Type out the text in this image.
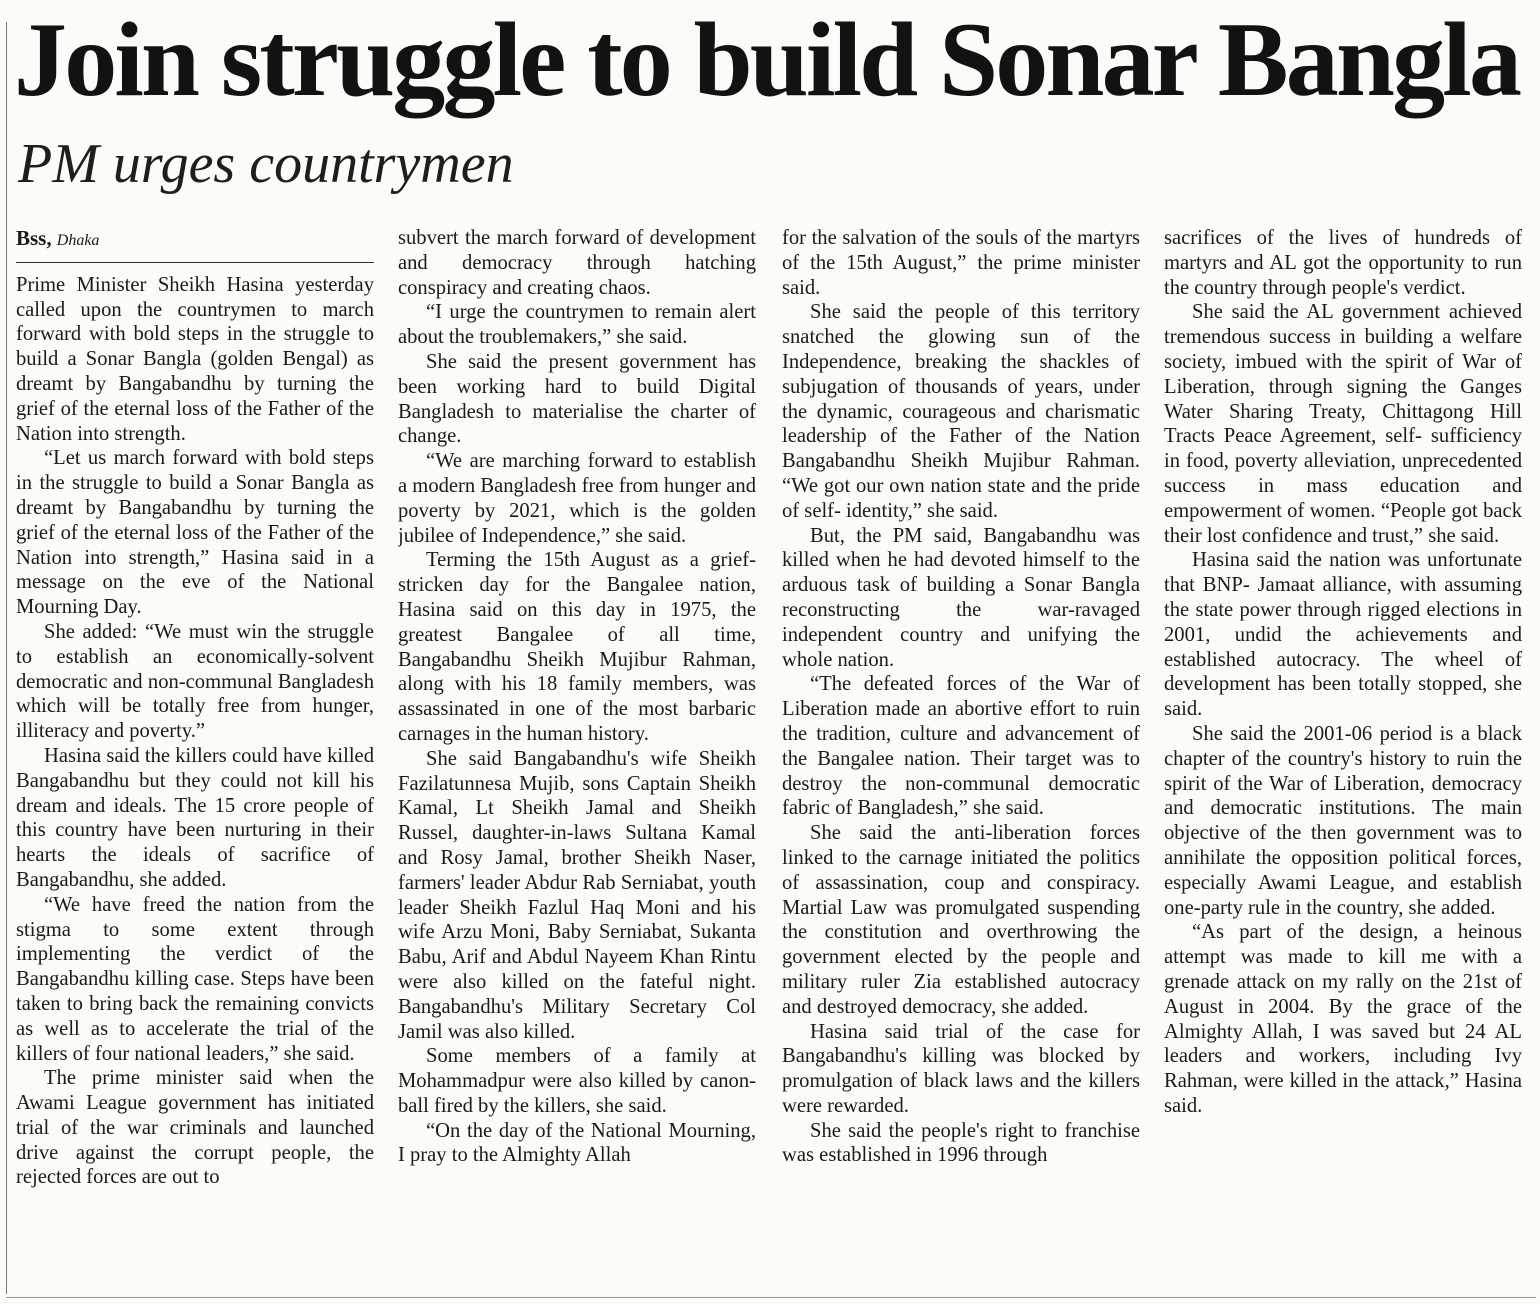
Join struggle to build Sonar Bangla
PM urges countrymen
Bss, Dhaka

Prime Minister Sheikh Hasina yesterday called upon the countrymen to march forward with bold steps in the struggle to build a Sonar Bangla (golden Bengal) as dreamt by Bangabandhu by turning the grief of the eternal loss of the Father of the Nation into strength.

“Let us march forward with bold steps in the struggle to build a Sonar Bangla as dreamt by Bangabandhu by turning the grief of the eternal loss of the Father of the Nation into strength,” Hasina said in a message on the eve of the National Mourning Day.

She added: “We must win the struggle to establish an economically-solvent democratic and non-communal Bangladesh which will be totally free from hunger, illiteracy and poverty.”

Hasina said the killers could have killed Bangabandhu but they could not kill his dream and ideals. The 15 crore people of this country have been nurturing in their hearts the ideals of sacrifice of Bangabandhu, she added.

“We have freed the nation from the stigma to some extent through implementing the verdict of the Bangabandhu killing case. Steps have been taken to bring back the remaining convicts as well as to accelerate the trial of the killers of four national leaders,” she said.

The prime minister said when the Awami League government has initiated trial of the war criminals and launched drive against the corrupt people, the rejected forces are out to

subvert the march forward of development and democracy through hatching conspiracy and creating chaos.

“I urge the countrymen to remain alert about the troublemakers,” she said.

She said the present government has been working hard to build Digital Bangladesh to materialise the charter of change.

“We are marching forward to establish a modern Bangladesh free from hunger and poverty by 2021, which is the golden jubilee of Independence,” she said.

Terming the 15th August as a grief-stricken day for the Bangalee nation, Hasina said on this day in 1975, the greatest Bangalee of all time, Bangabandhu Sheikh Mujibur Rahman, along with his 18 family members, was assassinated in one of the most barbaric carnages in the human history.

She said Bangabandhu's wife Sheikh Fazilatunnesa Mujib, sons Captain Sheikh Kamal, Lt Sheikh Jamal and Sheikh Russel, daughter-in-laws Sultana Kamal and Rosy Jamal, brother Sheikh Naser, farmers' leader Abdur Rab Serniabat, youth leader Sheikh Fazlul Haq Moni and his wife Arzu Moni, Baby Serniabat, Sukanta Babu, Arif and Abdul Nayeem Khan Rintu were also killed on the fateful night. Bangabandhu's Military Secretary Col Jamil was also killed.

Some members of a family at Mohammadpur were also killed by canon-ball fired by the killers, she said.

“On the day of the National Mourning, I pray to the Almighty Allah

for the salvation of the souls of the martyrs of the 15th August,” the prime minister said.

She said the people of this territory snatched the glowing sun of the Independence, breaking the shackles of subjugation of thousands of years, under the dynamic, courageous and charismatic leadership of the Father of the Nation Bangabandhu Sheikh Mujibur Rahman. “We got our own nation state and the pride of self- identity,” she said.

But, the PM said, Bangabandhu was killed when he had devoted himself to the arduous task of building a Sonar Bangla reconstructing the war-ravaged independent country and unifying the whole nation.

“The defeated forces of the War of Liberation made an abortive effort to ruin the tradition, culture and advancement of the Bangalee nation. Their target was to destroy the non-communal democratic fabric of Bangladesh,” she said.

She said the anti-liberation forces linked to the carnage initiated the politics of assassination, coup and conspiracy. Martial Law was promulgated suspending the constitution and overthrowing the government elected by the people and military ruler Zia established autocracy and destroyed democracy, she added.

Hasina said trial of the case for Bangabandhu's killing was blocked by promulgation of black laws and the killers were rewarded.

She said the people's right to franchise was established in 1996 through

sacrifices of the lives of hundreds of martyrs and AL got the opportunity to run the country through people's verdict.

She said the AL government achieved tremendous success in building a welfare society, imbued with the spirit of War of Liberation, through signing the Ganges Water Sharing Treaty, Chittagong Hill Tracts Peace Agreement, self- sufficiency in food, poverty alleviation, unprecedented success in mass education and empowerment of women. “People got back their lost confidence and trust,” she said.

Hasina said the nation was unfortunate that BNP- Jamaat alliance, with assuming the state power through rigged elections in 2001, undid the achievements and established autocracy. The wheel of development has been totally stopped, she said.

She said the 2001-06 period is a black chapter of the country's history to ruin the spirit of the War of Liberation, democracy and democratic institutions. The main objective of the then government was to annihilate the opposition political forces, especially Awami League, and establish one-party rule in the country, she added.

“As part of the design, a heinous attempt was made to kill me with a grenade attack on my rally on the 21st of August in 2004. By the grace of the Almighty Allah, I was saved but 24 AL leaders and workers, including Ivy Rahman, were killed in the attack,” Hasina said.
